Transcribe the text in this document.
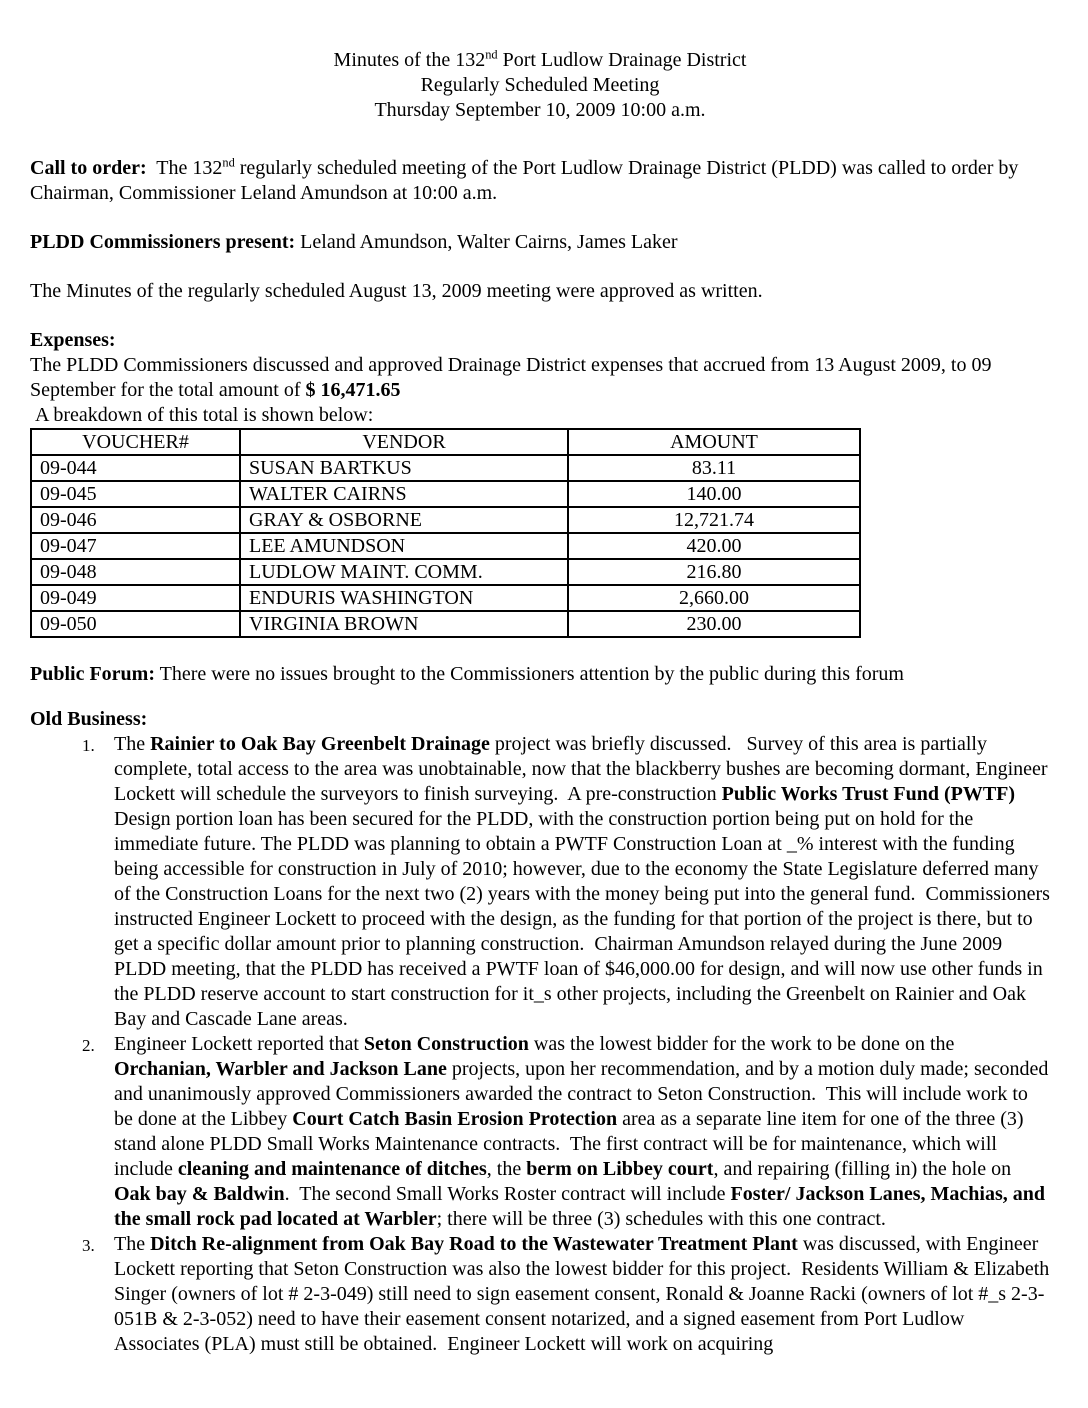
Minutes of the 132nd Port Ludlow Drainage District
Regularly Scheduled Meeting
Thursday September 10, 2009 10:00 a.m.

Call to order:  The 132nd regularly scheduled meeting of the Port Ludlow Drainage District (PLDD) was called to order by Chairman, Commissioner Leland Amundson at 10:00 a.m.

PLDD Commissioners present: Leland Amundson, Walter Cairns, James Laker

The Minutes of the regularly scheduled August 13, 2009 meeting were approved as written.

Expenses:

The PLDD Commissioners discussed and approved Drainage District expenses that accrued from 13 August 2009, to 09 September for the total amount of $ 16,471.65

A breakdown of this total is shown below:

VOUCHER#	VENDOR	AMOUNT
09-044	SUSAN BARTKUS	83.11
09-045	WALTER CAIRNS	140.00
09-046	GRAY & OSBORNE	12,721.74
09-047	LEE AMUNDSON	420.00
09-048	LUDLOW MAINT. COMM.	216.80
09-049	ENDURIS WASHINGTON	2,660.00
09-050	VIRGINIA BROWN	230.00

Public Forum: There were no issues brought to the Commissioners attention by the public during this forum

Old Business:

1. The Rainier to Oak Bay Greenbelt Drainage project was briefly discussed.   Survey of this area is partially complete, total access to the area was unobtainable, now that the blackberry bushes are becoming dormant, Engineer Lockett will schedule the surveyors to finish surveying.  A pre-construction Public Works Trust Fund (PWTF) Design portion loan has been secured for the PLDD, with the construction portion being put on hold for the immediate future. The PLDD was planning to obtain a PWTF Construction Loan at _% interest with the funding being accessible for construction in July of 2010; however, due to the economy the State Legislature deferred many of the Construction Loans for the next two (2) years with the money being put into the general fund.  Commissioners instructed Engineer Lockett to proceed with the design, as the funding for that portion of the project is there, but to get a specific dollar amount prior to planning construction.  Chairman Amundson relayed during the June 2009 PLDD meeting, that the PLDD has received a PWTF loan of $46,000.00 for design, and will now use other funds in the PLDD reserve account to start construction for it_s other projects, including the Greenbelt on Rainier and Oak Bay and Cascade Lane areas.
2. Engineer Lockett reported that Seton Construction was the lowest bidder for the work to be done on the Orchanian, Warbler and Jackson Lane projects, upon her recommendation, and by a motion duly made; seconded and unanimously approved Commissioners awarded the contract to Seton Construction.  This will include work to be done at the Libbey Court Catch Basin Erosion Protection area as a separate line item for one of the three (3) stand alone PLDD Small Works Maintenance contracts.  The first contract will be for maintenance, which will include cleaning and maintenance of ditches, the berm on Libbey court, and repairing (filling in) the hole on Oak bay & Baldwin.  The second Small Works Roster contract will include Foster/ Jackson Lanes, Machias, and the small rock pad located at Warbler; there will be three (3) schedules with this one contract.
3. The Ditch Re-alignment from Oak Bay Road to the Wastewater Treatment Plant was discussed, with Engineer Lockett reporting that Seton Construction was also the lowest bidder for this project.  Residents William & Elizabeth Singer (owners of lot # 2-3-049) still need to sign easement consent, Ronald & Joanne Racki (owners of lot #_s 2-3-051B & 2-3-052) need to have their easement consent notarized, and a signed easement from Port Ludlow Associates (PLA) must still be obtained.  Engineer Lockett will work on acquiring
